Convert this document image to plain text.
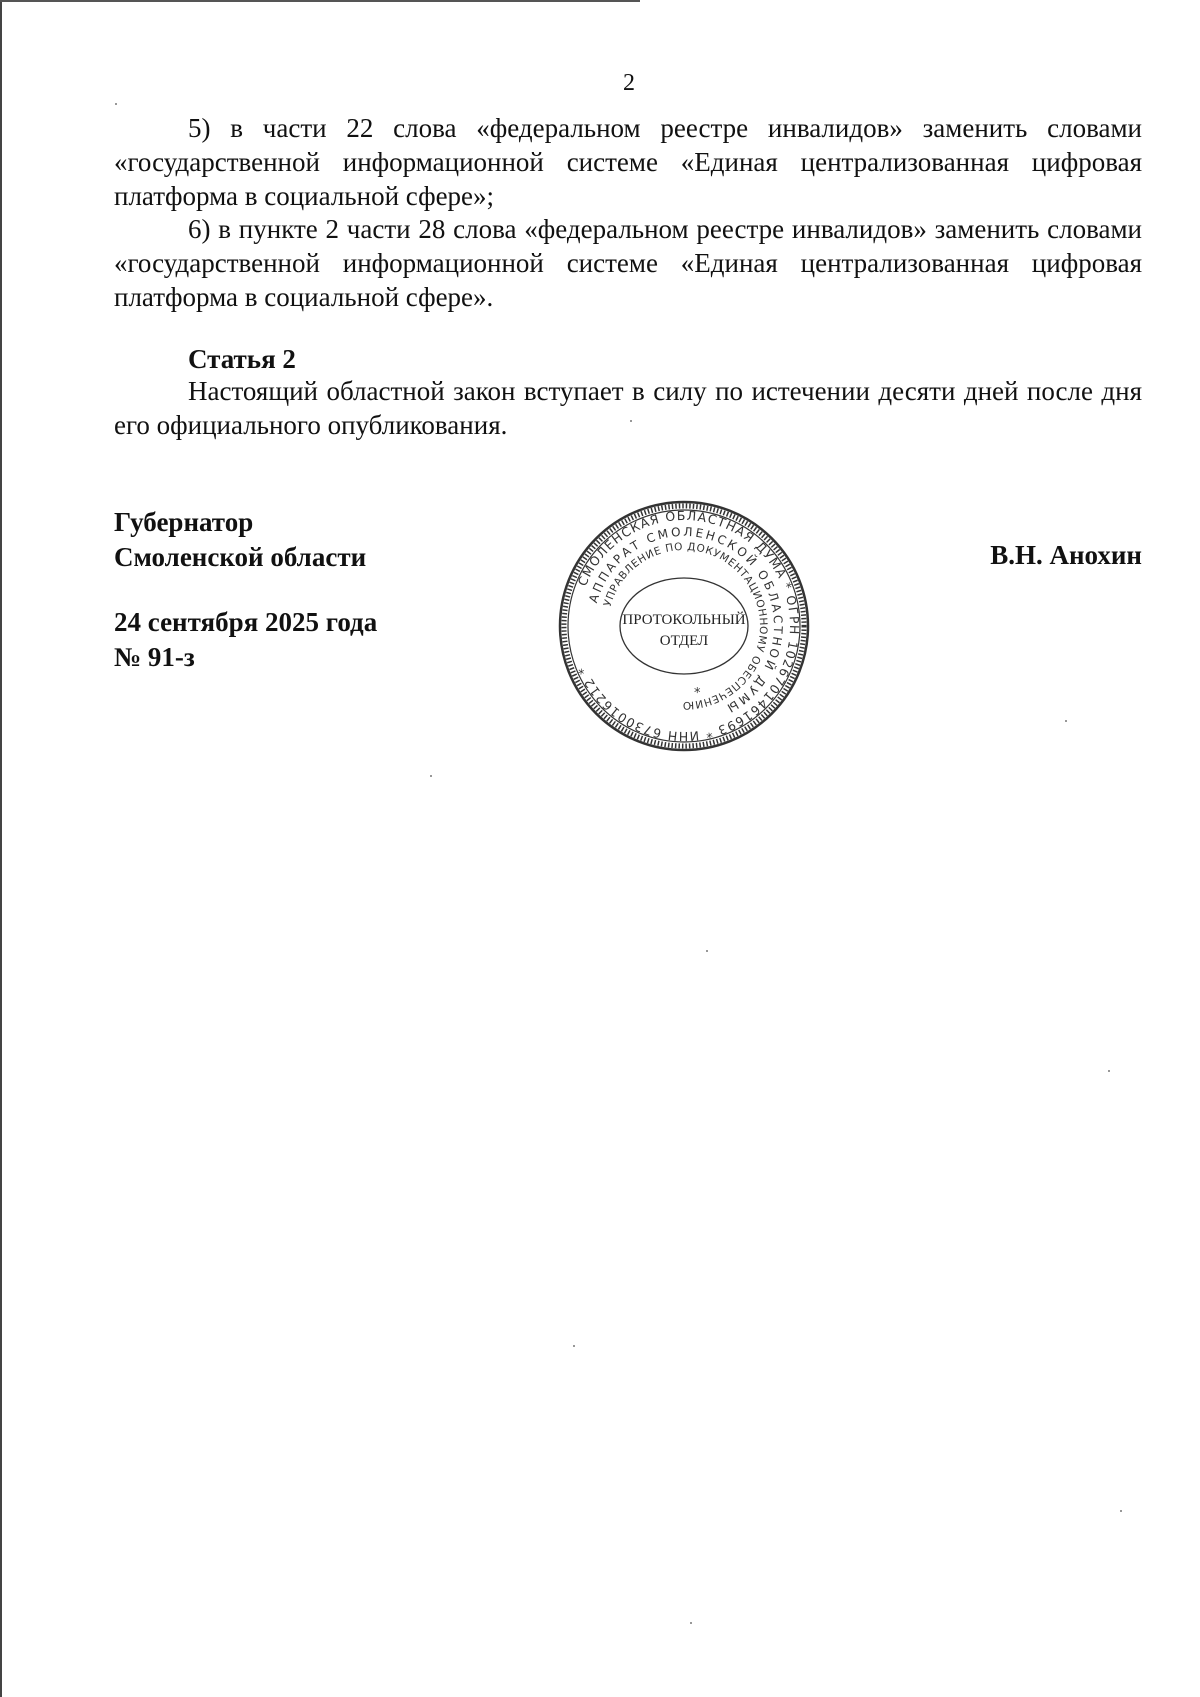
2

5) в части 22 слова «федеральном реестре инвалидов» заменить словами «государственной информационной системе «Единая централизованная цифровая платформа в социальной сфере»;

6) в пункте 2 части 28 слова «федеральном реестре инвалидов» заменить словами «государственной информационной системе «Единая централизованная цифровая платформа в социальной сфере».

Статья 2

Настоящий областной закон вступает в силу по истечении десяти дней после дня его официального опубликования.

Губернатор
Смоленской области	В.Н. Анохин
24 сентября 2025 года
№ 91-з
СМОЛЕНСКАЯ ОБЛАСТНАЯ ДУМА * ОГРН 1026701461693 * ИНН 6730016212 *
АППАРАТ СМОЛЕНСКОЙ ОБЛАСТНОЙ ДУМЫ
УПРАВЛЕНИЕ ПО ДОКУМЕНТАЦИОННОМУ ОБЕСПЕЧЕНИЮ
ПРОТОКОЛЬНЫЙ
ОТДЕЛ
*
